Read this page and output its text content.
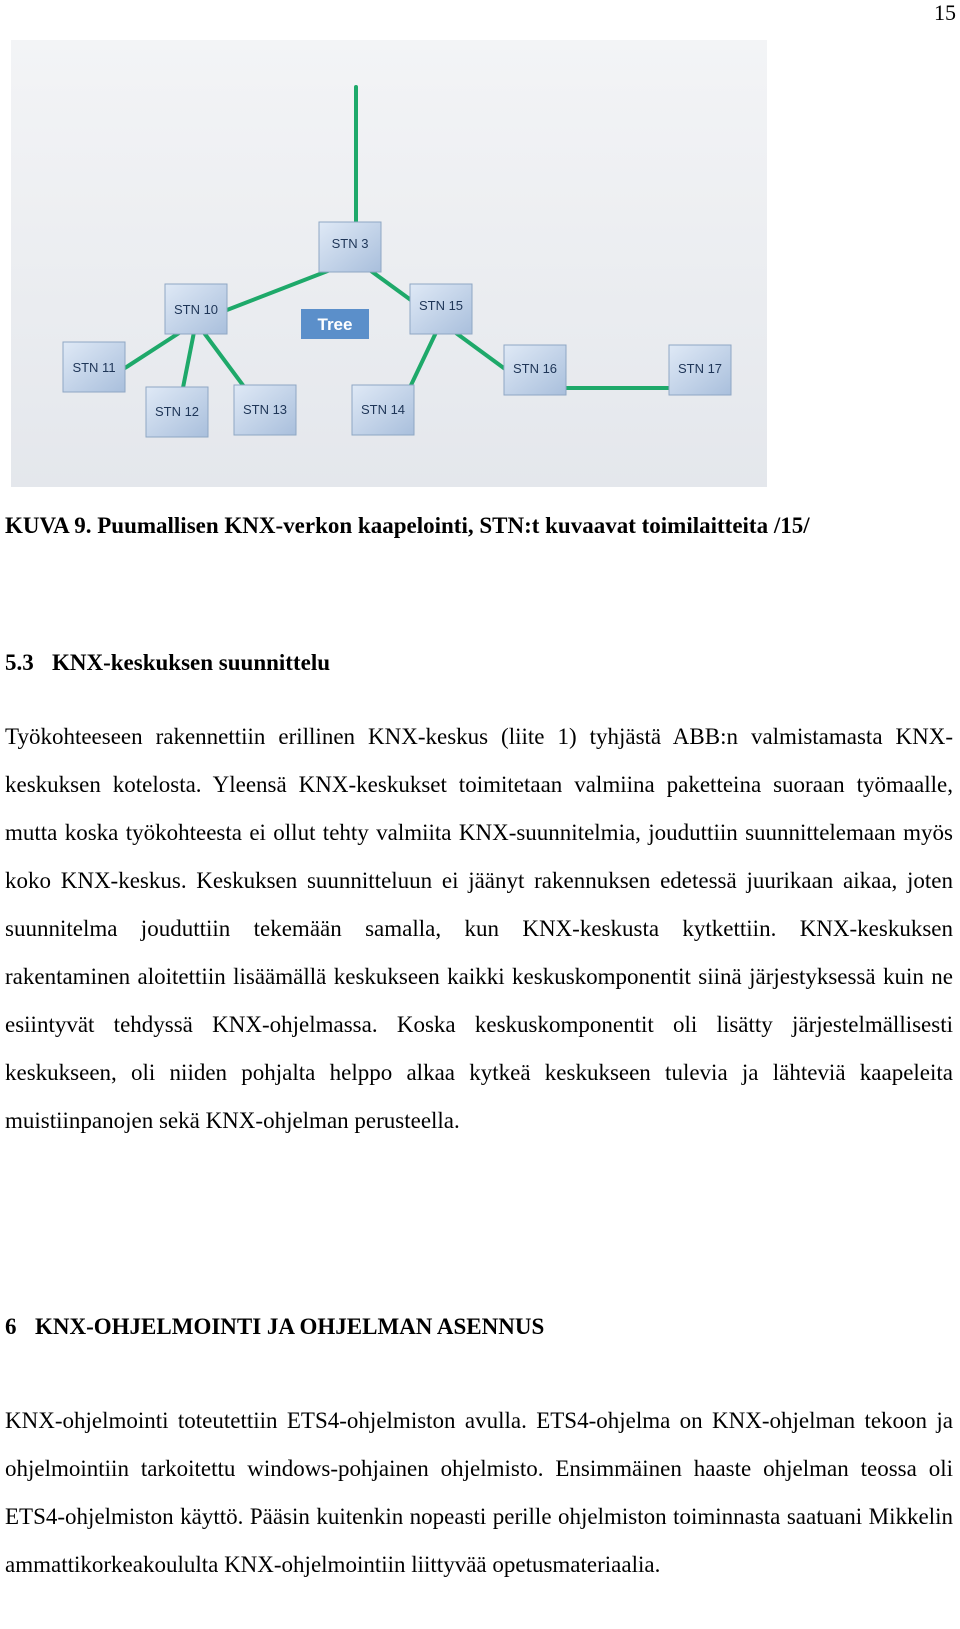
15
Tree
STN 3
STN 10	STN 15
STN 11
STN 12	STN 13	STN 14
STN 16	STN 17

KUVA 9. Puumallisen KNX-verkon kaapelointi, STN:t kuvaavat toimilaitteita /15/

5.3 KNX-keskuksen suunnittelu

Työkohteeseen rakennettiin erillinen KNX-keskus (liite 1) tyhjästä ABB:n valmistamasta KNX-keskuksen kotelosta. Yleensä KNX-keskukset toimitetaan valmiina paketteina suoraan työmaalle, mutta koska työkohteesta ei ollut tehty valmiita KNX-suunnitelmia, jouduttiin suunnittelemaan myös koko KNX-keskus. Keskuksen suunnitteluun ei jäänyt rakennuksen edetessä juurikaan aikaa, joten suunnitelma jouduttiin tekemään samalla, kun KNX-keskusta kytkettiin. KNX-keskuksen rakentaminen aloitettiin lisäämällä keskukseen kaikki keskuskomponentit siinä järjestyksessä kuin ne esiintyvät tehdyssä KNX-ohjelmassa. Koska keskuskomponentit oli lisätty järjestelmällisesti keskukseen, oli niiden pohjalta helppo alkaa kytkeä keskukseen tulevia ja lähteviä kaapeleita muistiinpanojen sekä KNX-ohjelman perusteella.

6 KNX-OHJELMOINTI JA OHJELMAN ASENNUS

KNX-ohjelmointi toteutettiin ETS4-ohjelmiston avulla. ETS4-ohjelma on KNX-ohjelman tekoon ja ohjelmointiin tarkoitettu windows-pohjainen ohjelmisto. Ensimmäinen haaste ohjelman teossa oli ETS4-ohjelmiston käyttö. Pääsin kuitenkin nopeasti perille ohjelmiston toiminnasta saatuani Mikkelin ammattikorkeakoululta KNX-ohjelmointiin liittyvää opetusmateriaalia.
